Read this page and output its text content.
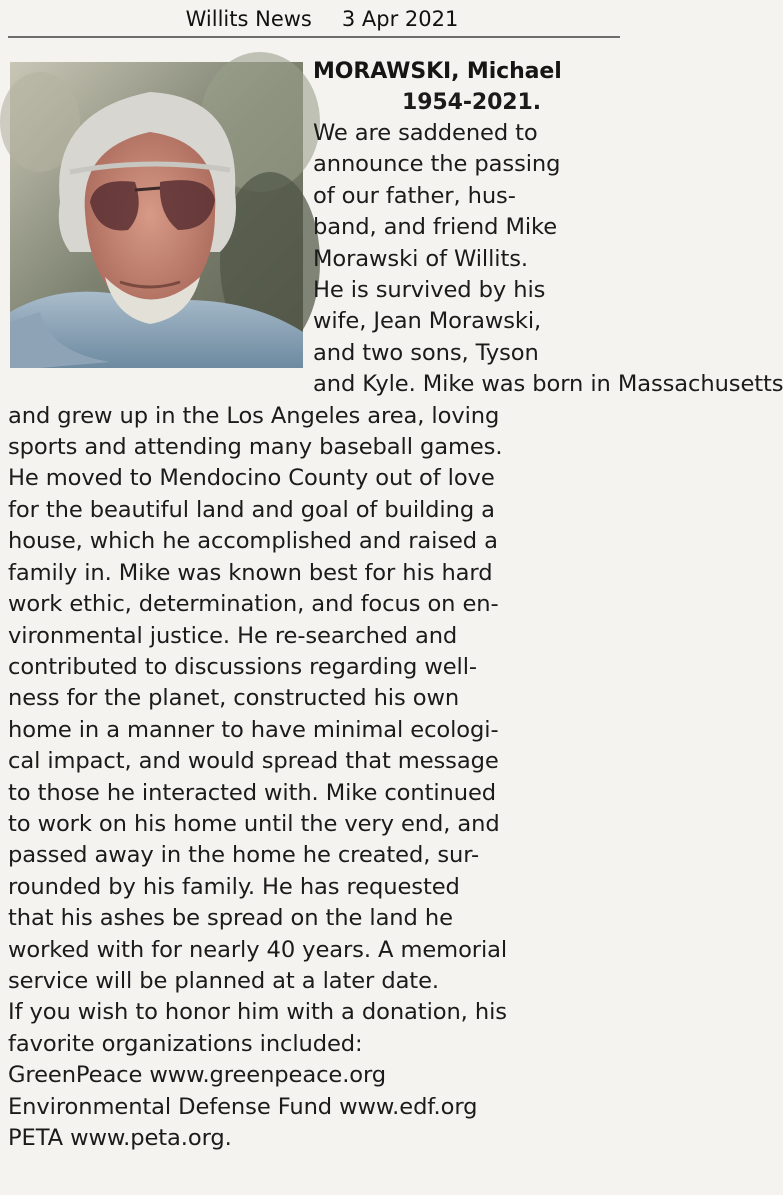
Willits News 3 Apr 2021
MORAWSKI, Michael
1954-2021.
We are saddened to
announce the passing
of our father, hus-
band, and friend Mike
Morawski of Willits.
He is survived by his
wife, Jean Morawski,
and two sons, Tyson
and Kyle. Mike was born in Massachusetts
and grew up in the Los Angeles area, loving
sports and attending many baseball games.
He moved to Mendocino County out of love
for the beautiful land and goal of building a
house, which he accomplished and raised a
family in. Mike was known best for his hard
work ethic, determination, and focus on en-
vironmental justice. He re-searched and
contributed to discussions regarding well-
ness for the planet, constructed his own
home in a manner to have minimal ecologi-
cal impact, and would spread that message
to those he interacted with. Mike continued
to work on his home until the very end, and
passed away in the home he created, sur-
rounded by his family. He has requested
that his ashes be spread on the land he
worked with for nearly 40 years. A memorial
service will be planned at a later date.
If you wish to honor him with a donation, his
favorite organizations included:
GreenPeace www.greenpeace.org
Environmental Defense Fund www.edf.org
PETA www.peta.org.
